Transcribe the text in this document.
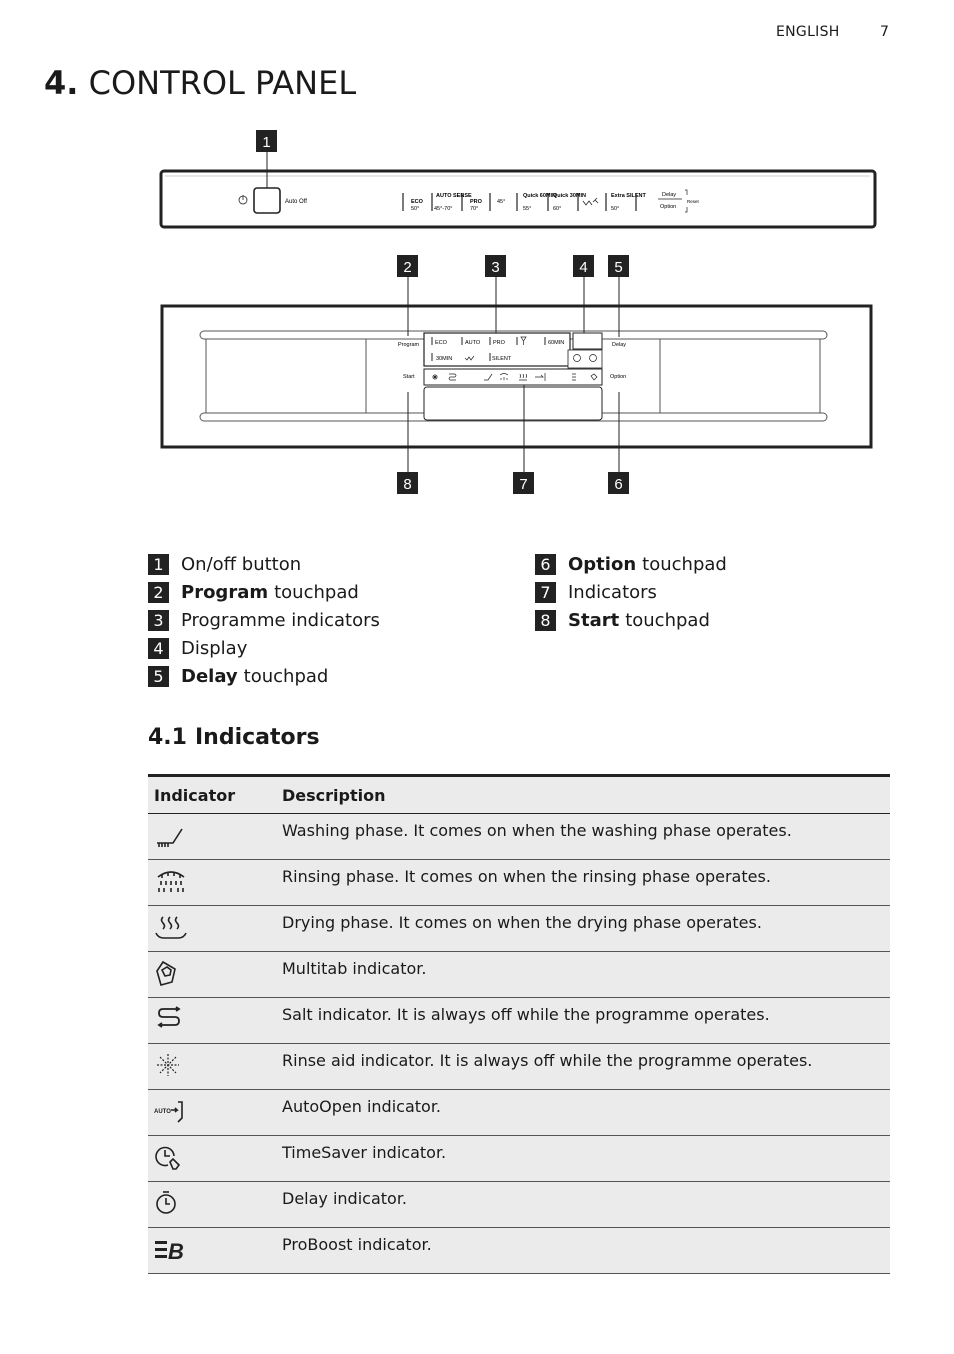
ENGLISH	7
4. CONTROL PANEL
Auto Off	ECO
50°
AUTO SENSE
45°-70°
PRO
70°
45°
Quick 60MIN
55°
Quick 30MIN
60°
Extra SILENT
50°
Delay
Option
Reset
Program
Start
Delay
Option
ECO	AUTO PRO	60MIN
30MIN	SILENT
1
2	3	4 5
8	7	6
1 On/off button
2 Program touchpad
3 Programme indicators
4 Display
5 Delay touchpad
6 Option touchpad
7 Indicators
8 Start touchpad
4.1 Indicators
Indicator	Description

	Washing phase. It comes on when the washing phase operates.

	Rinsing phase. It comes on when the rinsing phase operates.

	Drying phase. It comes on when the drying phase operates.

	Multitab indicator.

	Salt indicator. It is always off while the programme operates.

	Rinse aid indicator. It is always off while the programme operates.

AUTO	AutoOpen indicator.

	TimeSaver indicator.

	Delay indicator.

B	ProBoost indicator.
